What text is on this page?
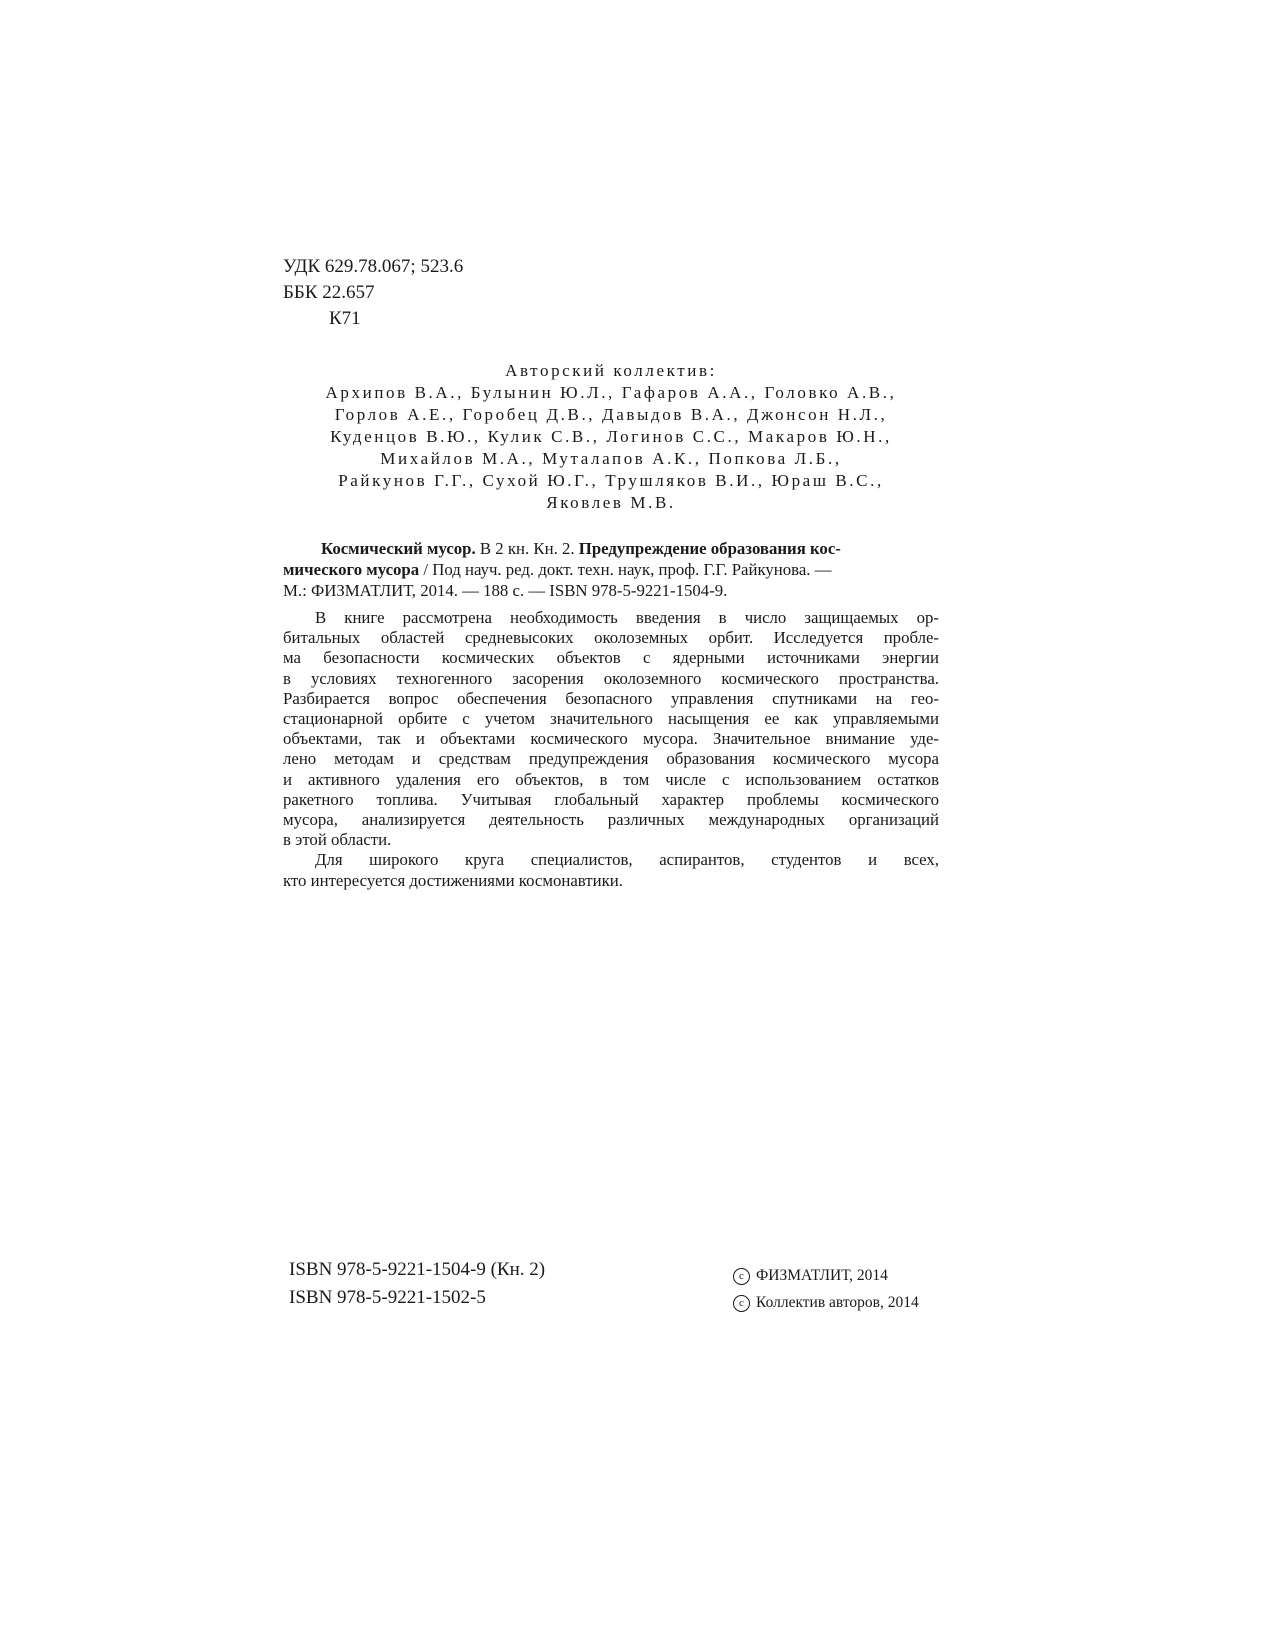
УДК 629.78.067; 523.6
ББК 22.657
К71
Авторский коллектив:
Архипов В.А., Булынин Ю.Л., Гафаров А.А., Головко А.В.,
Горлов А.Е., Горобец Д.В., Давыдов В.А., Джонсон Н.Л.,
Куденцов В.Ю., Кулик С.В., Логинов С.С., Макаров Ю.Н.,
Михайлов М.А., Муталапов А.К., Попкова Л.Б.,
Райкунов Г.Г., Сухой Ю.Г., Трушляков В.И., Юраш В.С.,
Яковлев М.В.
Космический мусор. В 2 кн. Кн. 2. Предупреждение образования кос-
мического мусора / Под науч. ред. докт. техн. наук, проф. Г.Г. Райкунова. —
М.: ФИЗМАТЛИТ, 2014. — 188 с. — ISBN 978-5-9221-1504-9.
В книге рассмотрена необходимость введения в число защищаемых ор-
битальных областей средневысоких околоземных орбит. Исследуется пробле-
ма безопасности космических объектов с ядерными источниками энергии
в условиях техногенного засорения околоземного космического пространства.
Разбирается вопрос обеспечения безопасного управления спутниками на гео-
стационарной орбите с учетом значительного насыщения ее как управляемыми
объектами, так и объектами космического мусора. Значительное внимание уде-
лено методам и средствам предупреждения образования космического мусора
и активного удаления его объектов, в том числе с использованием остатков
ракетного топлива. Учитывая глобальный характер проблемы космического
мусора, анализируется деятельность различных международных организаций
в этой области.
Для широкого круга специалистов, аспирантов, студентов и всех,
кто интересуется достижениями космонавтики.
ISBN 978-5-9221-1504-9 (Кн. 2)
ISBN 978-5-9221-1502-5
c ФИЗМАТЛИТ, 2014
c Коллектив авторов, 2014
